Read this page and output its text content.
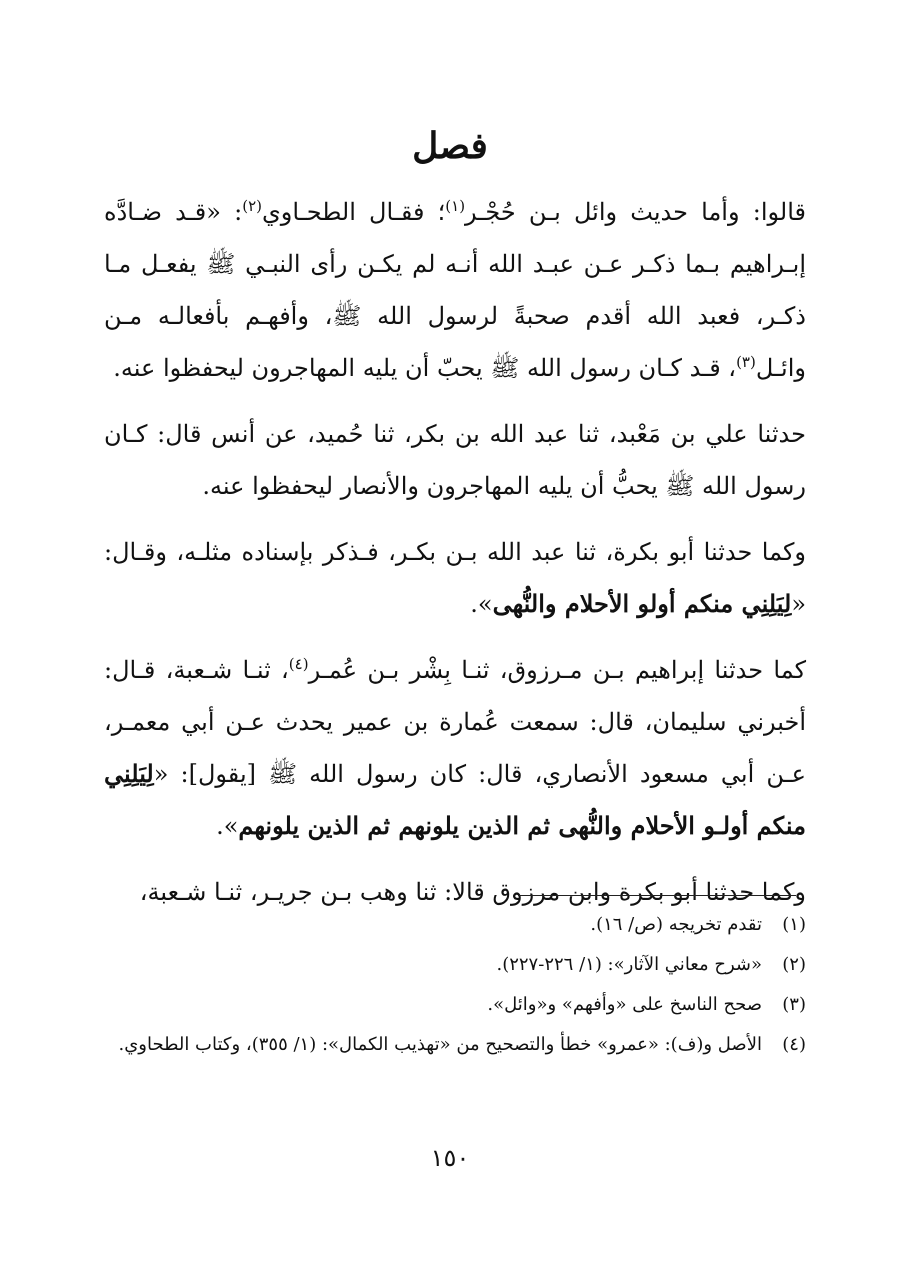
فصل

قالوا: وأما حديث وائل بـن حُجْـر$^{(١)}$؛ فقـال الطحـاوي$^{(٢)}$: «قـد ضـادَّه إبـراهيم بـما ذكـر عـن عبـد الله أنـه لم يكـن رأى النبـي ﷺ يفعـل مـا ذكـر، فعبد الله أقدم صحبةً لرسول الله ﷺ، وأفهـم بأفعالـه مـن وائـل$^{(٣)}$، قـد كـان رسول الله ﷺ يحبّ أن يليه المهاجرون ليحفظوا عنه.

حدثنا علي بن مَعْبد، ثنا عبد الله بن بكر، ثنا حُميد، عن أنس قال: كـان رسول الله ﷺ يحبُّ أن يليه المهاجرون والأنصار ليحفظوا عنه.

وكما حدثنا أبو بكرة، ثنا عبد الله بـن بكـر، فـذكر بإسناده مثلـه، وقـال: «لِيَلِنِي منكم أولو الأحلام والنُّهى».

كما حدثنا إبراهيم بـن مـرزوق، ثنـا بِشْر بـن عُمـر$^{(٤)}$، ثنـا شـعبة، قـال: أخبرني سليمان، قال: سمعت عُمارة بن عمير يحدث عـن أبي معمـر، عـن أبي مسعود الأنصاري، قال: كان رسول الله ﷺ [يقول]: «لِيَلِنِي منكم أولـو الأحلام والنُّهى ثم الذين يلونهم ثم الذين يلونهم».

وكما حدثنا أبو بكرة وابن مرزوق قالا: ثنا وهب بـن جريـر، ثنـا شـعبة،

(١)
تقدم تخريجه (ص/ ١٦).
(٢)
«شرح معاني الآثار»: (١/ ٢٢٦-٢٢٧).
(٣)
صحح الناسخ على «وأفهم» و«وائل».
(٤)
الأصل و(ف): «عمرو» خطأ والتصحيح من «تهذيب الكمال»: (١/ ٣٥٥)، وكتاب الطحاوي.
١٥٠
